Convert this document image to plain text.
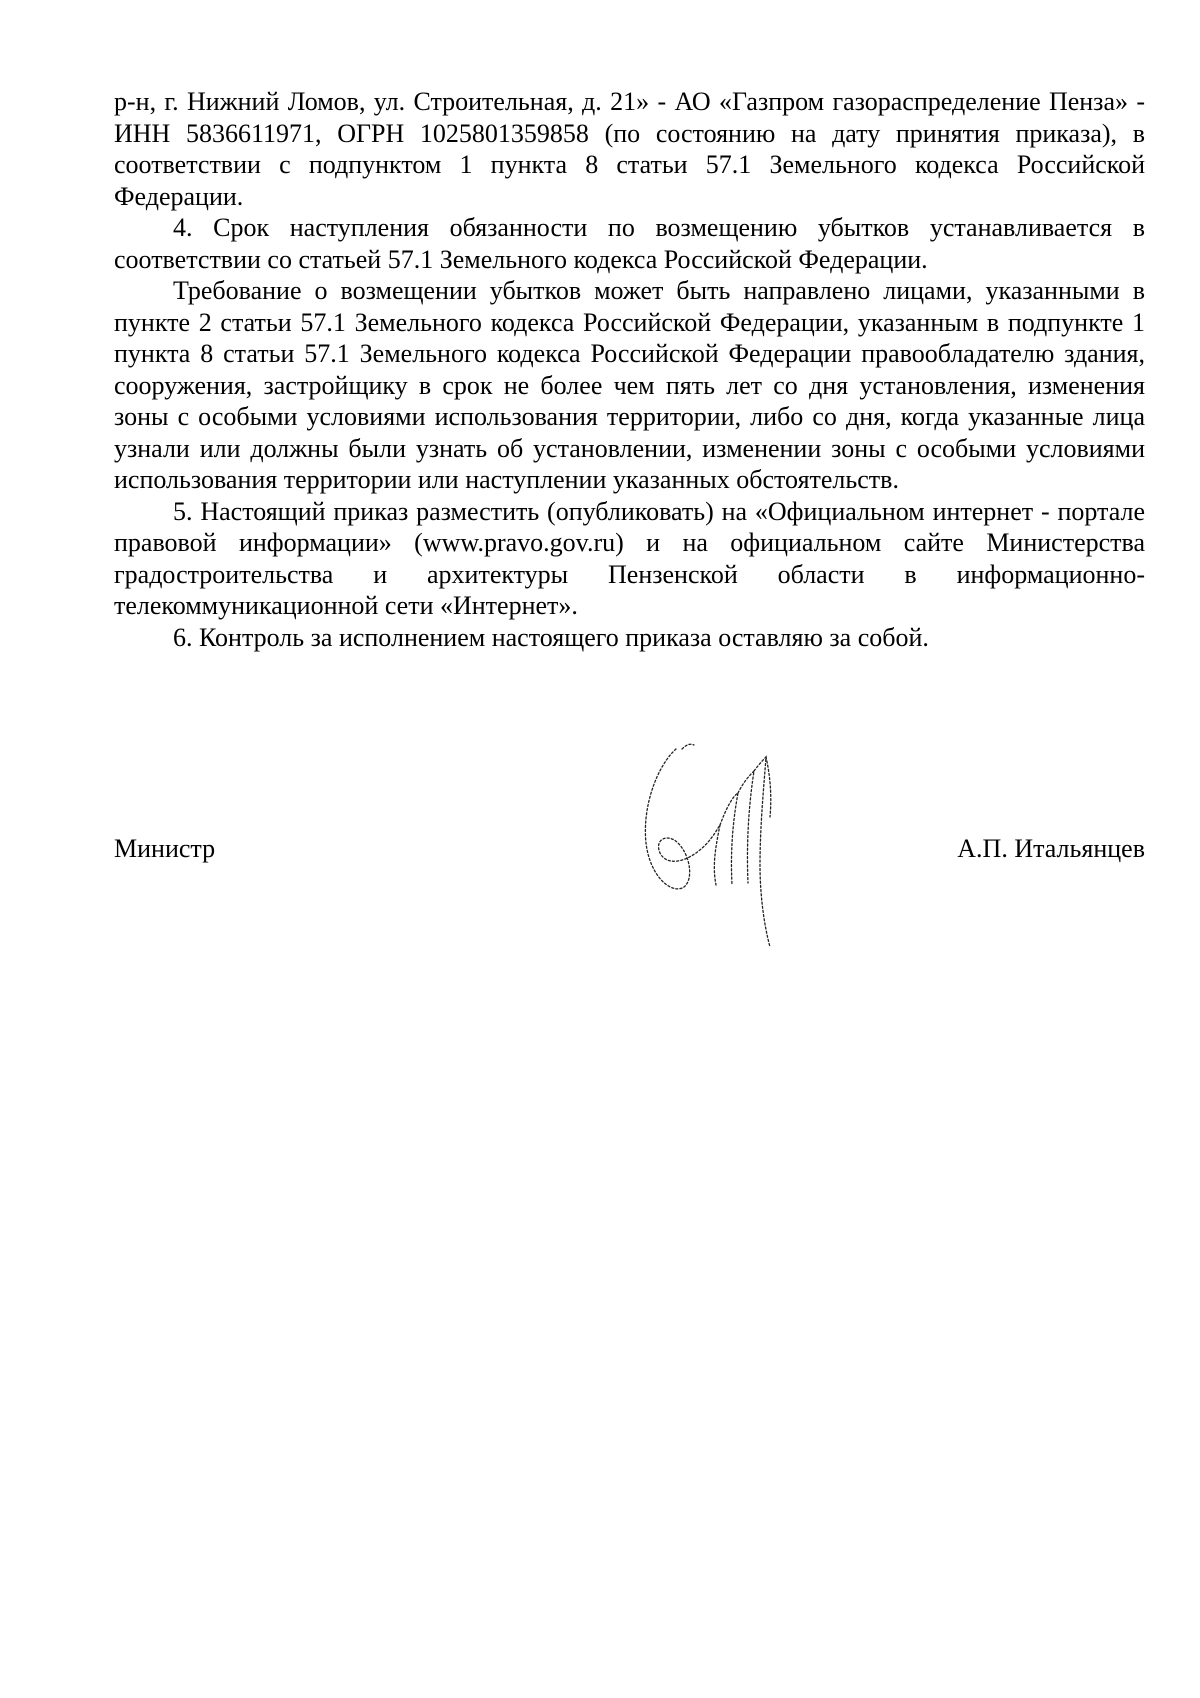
р-н, г. Нижний Ломов, ул. Строительная, д. 21» - АО «Газпром газораспределение Пенза» - ИНН 5836611971, ОГРН 1025801359858 (по состоянию на дату принятия приказа), в соответствии с подпунктом 1 пункта 8 статьи 57.1 Земельного кодекса Российской Федерации.

4. Срок наступления обязанности по возмещению убытков устанавливается в соответствии со статьей 57.1 Земельного кодекса Российской Федерации.

Требование о возмещении убытков может быть направлено лицами, указанными в пункте 2 статьи 57.1 Земельного кодекса Российской Федерации, указанным в подпункте 1 пункта 8 статьи 57.1 Земельного кодекса Российской Федерации правообладателю здания, сооружения, застройщику в срок не более чем пять лет со дня установления, изменения зоны с особыми условиями использования территории, либо со дня, когда указанные лица узнали или должны были узнать об установлении, изменении зоны с особыми условиями использования территории или наступлении указанных обстоятельств.

5. Настоящий приказ разместить (опубликовать) на «Официальном интернет - портале правовой информации» (www.pravo.gov.ru) и на официальном сайте Министерства градостроительства и архитектуры Пензенской области в информационно-телекоммуникационной сети «Интернет».

6. Контроль за исполнением настоящего приказа оставляю за собой.

Министр	А.П. Итальянцев
